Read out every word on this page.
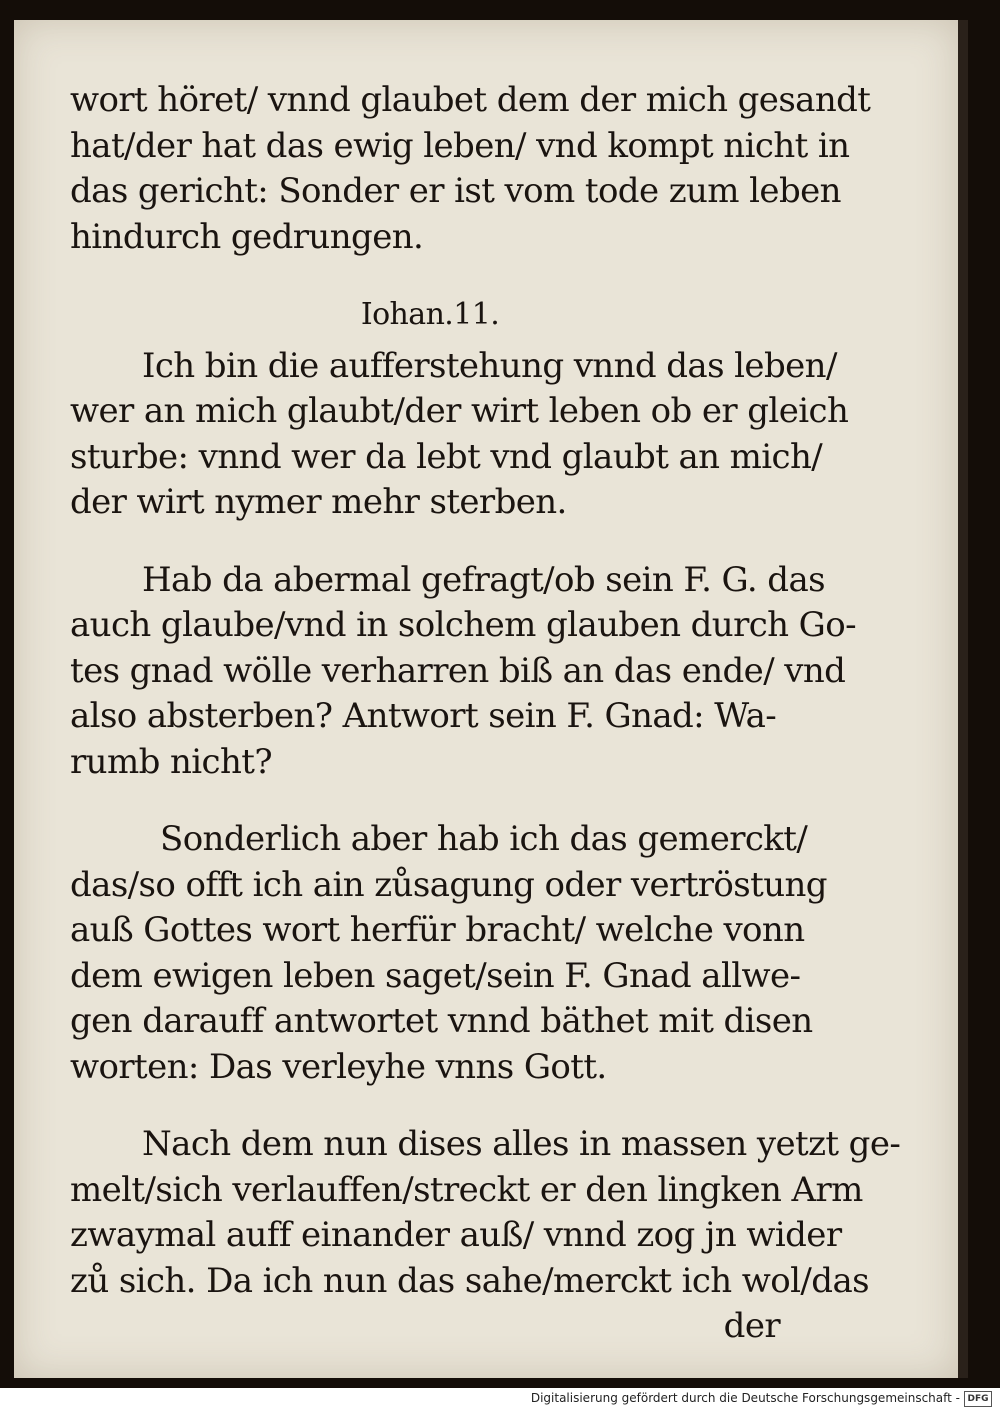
wort höret/ vnnd glaubet dem der mich gesandt
hat/der hat das ewig leben/ vnd kompt nicht in
das gericht: Sonder er ist vom tode zum leben
hindurch gedrungen.
Iohan.11.
Ich bin die aufferstehung vnnd das leben/
wer an mich glaubt/der wirt leben ob er gleich
sturbe: vnnd wer da lebt vnd glaubt an mich/
der wirt nymer mehr sterben.
Hab da abermal gefragt/ob sein F. G. das
auch glaube/vnd in solchem glauben durch Go-
tes gnad wölle verharren biß an das ende/ vnd
also absterben? Antwort sein F. Gnad: Wa-
rumb nicht?
Sonderlich aber hab ich das gemerckt/
das/so offt ich ain zůsagung oder vertröstung
auß Gottes wort herfür bracht/ welche vonn
dem ewigen leben saget/sein F. Gnad allwe-
gen darauff antwortet vnnd bäthet mit disen
worten: Das verleyhe vnns Gott.
Nach dem nun dises alles in massen yetzt ge-
melt/sich verlauffen/streckt er den lingken Arm
zwaymal auff einander auß/ vnnd zog jn wider
zů sich. Da ich nun das sahe/merckt ich wol/das
der
Digitalisierung gefördert durch die Deutsche Forschungsgemeinschaft - DFG
